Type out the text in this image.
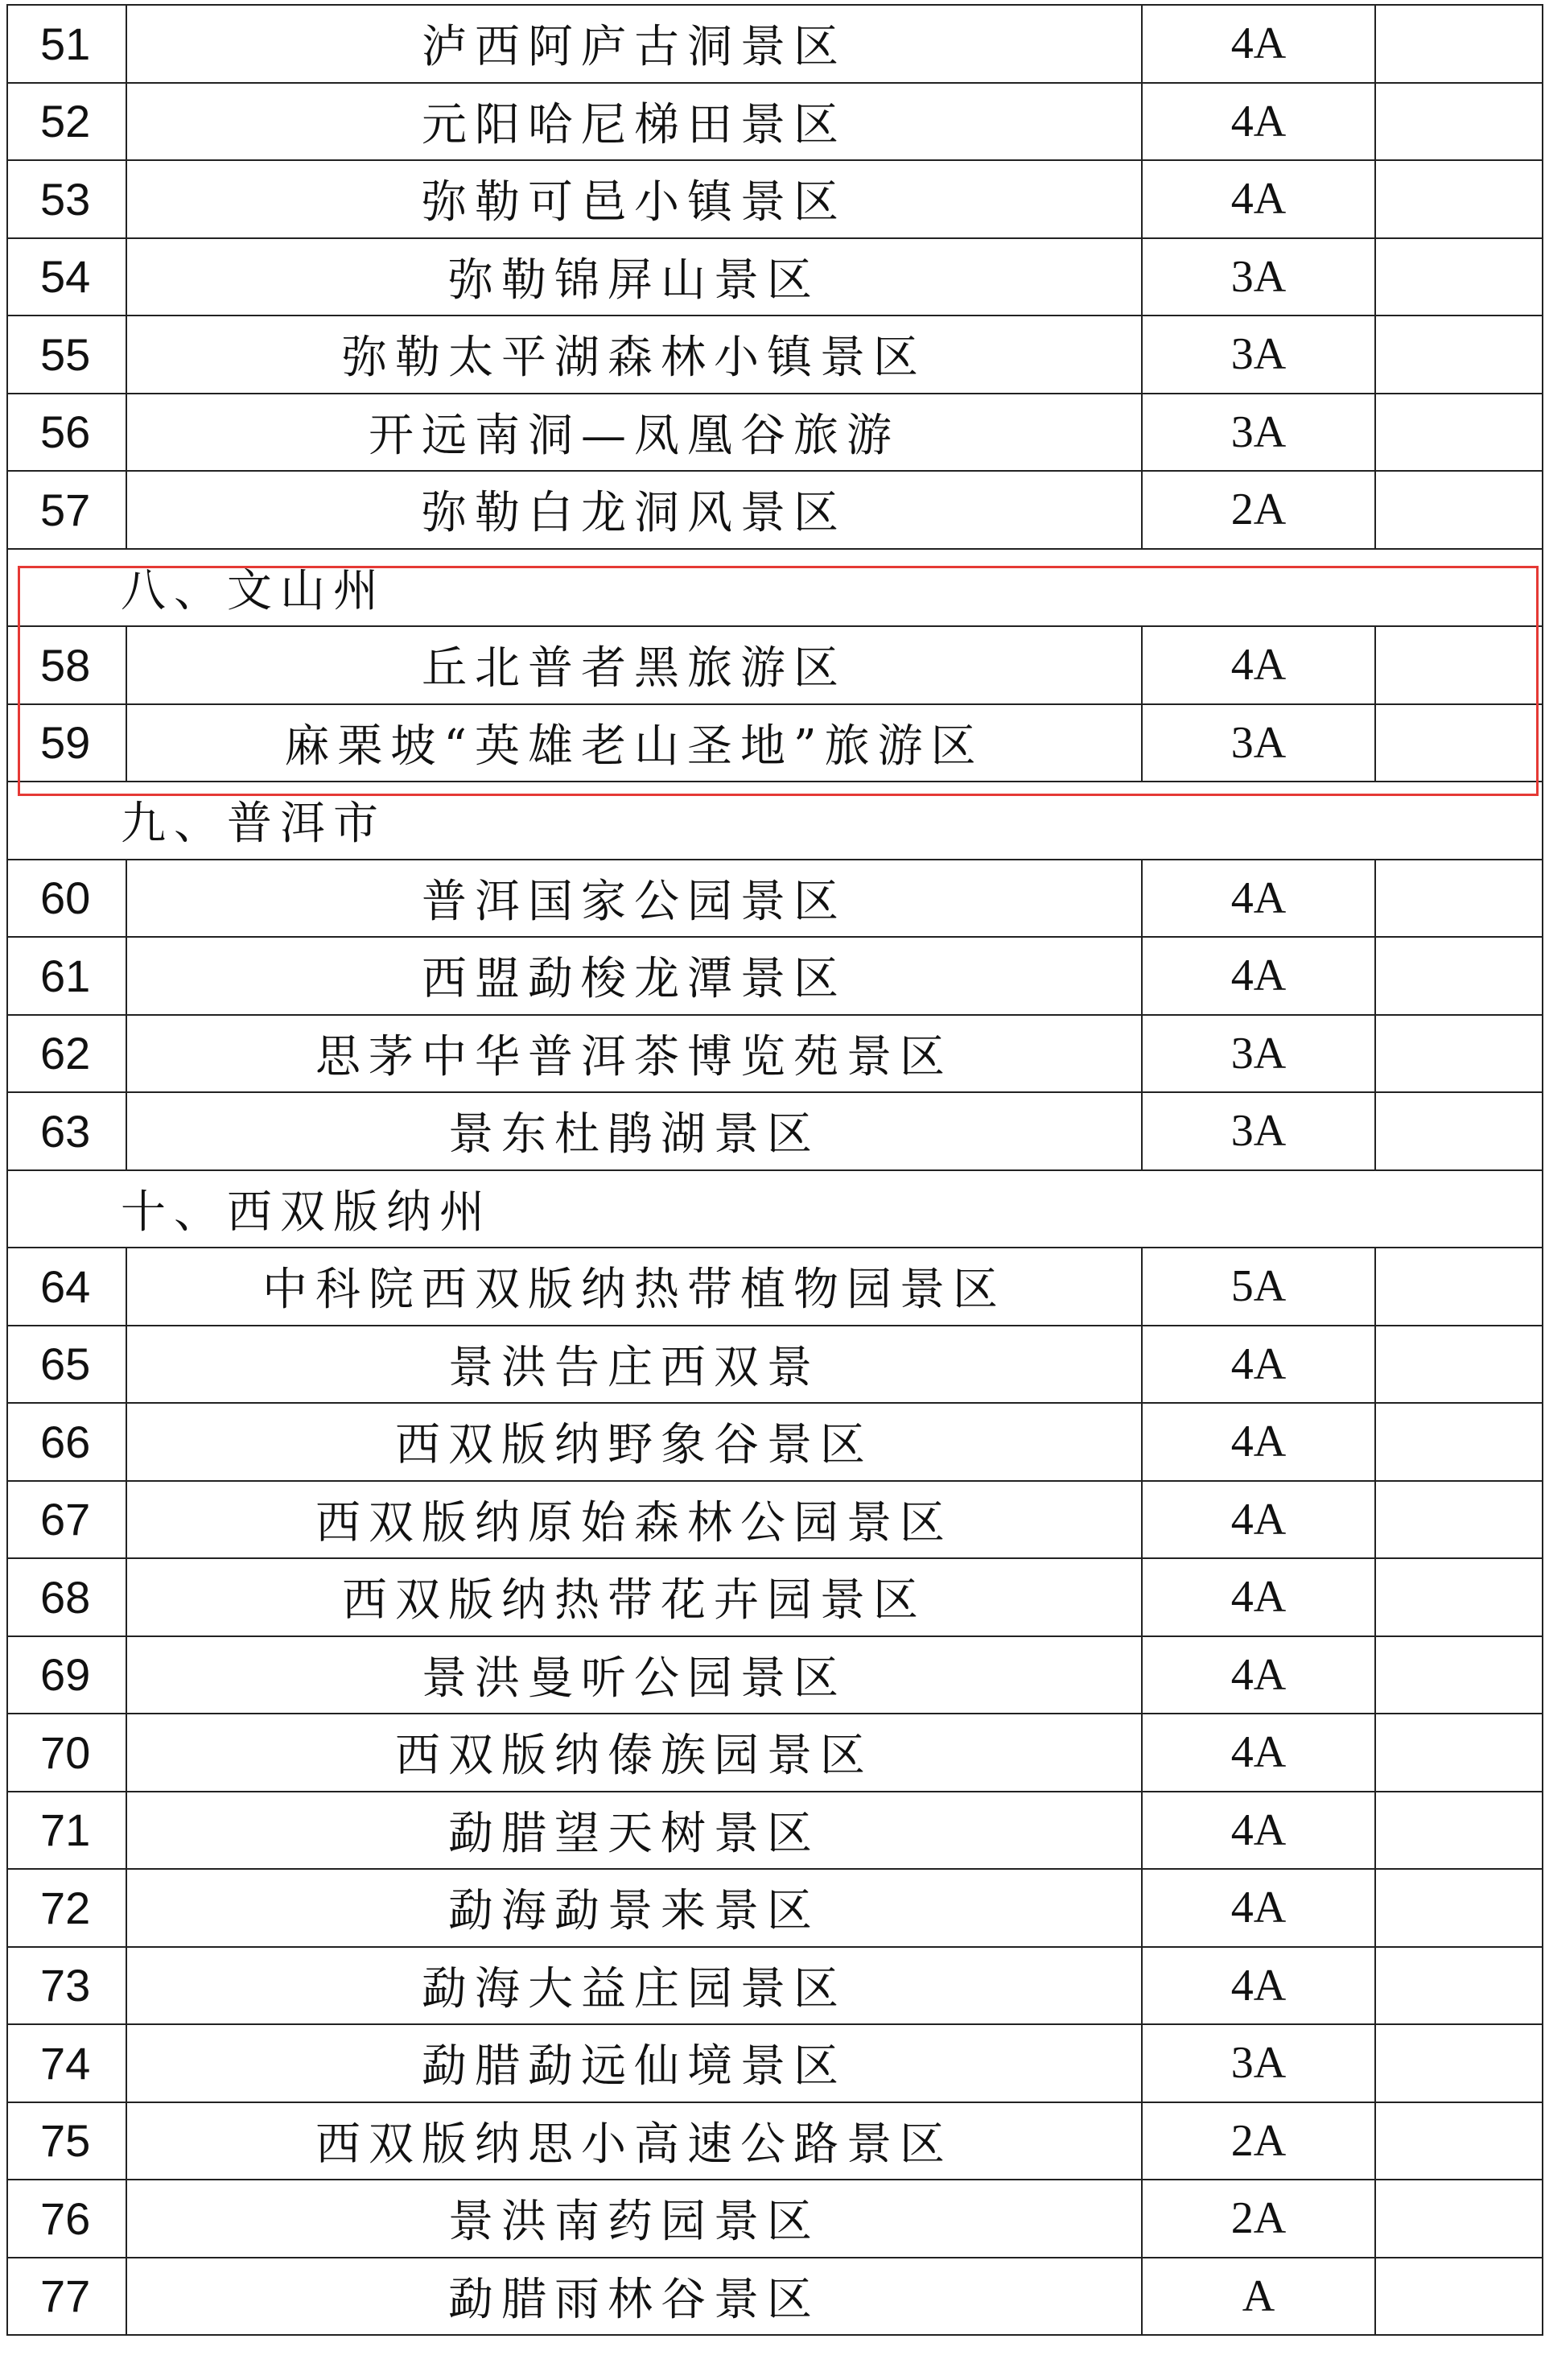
51	泸西阿庐古洞景区	4A	
52	元阳哈尼梯田景区	4A	
53	弥勒可邑小镇景区	4A	
54	弥勒锦屏山景区	3A	
55	弥勒太平湖森林小镇景区	3A	
56	开远南洞—凤凰谷旅游	3A	
57	弥勒白龙洞风景区	2A	
八、文山州			
58	丘北普者黑旅游区	4A	
59	麻栗坡“英雄老山圣地”旅游区	3A	
九、普洱市			
60	普洱国家公园景区	4A	
61	西盟勐梭龙潭景区	4A	
62	思茅中华普洱茶博览苑景区	3A	
63	景东杜鹃湖景区	3A	
十、西双版纳州			
64	中科院西双版纳热带植物园景区	5A	
65	景洪告庄西双景	4A	
66	西双版纳野象谷景区	4A	
67	西双版纳原始森林公园景区	4A	
68	西双版纳热带花卉园景区	4A	
69	景洪曼听公园景区	4A	
70	西双版纳傣族园景区	4A	
71	勐腊望天树景区	4A	
72	勐海勐景来景区	4A	
73	勐海大益庄园景区	4A	
74	勐腊勐远仙境景区	3A	
75	西双版纳思小高速公路景区	2A	
76	景洪南药园景区	2A	
77	勐腊雨林谷景区	A	
